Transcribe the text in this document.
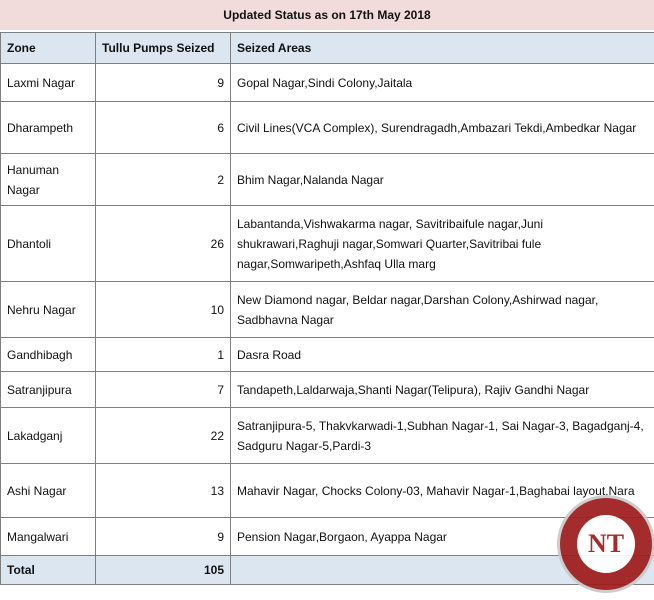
Updated Status as on 17th May 2018
Zone	Tullu Pumps Seized	Seized Areas
Laxmi Nagar	9	Gopal Nagar,Sindi Colony,Jaitala
Dharampeth	6	Civil Lines(VCA Complex), Surendragadh,Ambazari Tekdi,Ambedkar Nagar
Hanuman Nagar	2	Bhim Nagar,Nalanda Nagar
Dhantoli	26	Labantanda,Vishwakarma nagar, Savitribaifule nagar,Juni shukrawari,Raghuji nagar,Somwari Quarter,Savitribai fule nagar,Somwaripeth,Ashfaq Ulla marg
Nehru Nagar	10	New Diamond nagar, Beldar nagar,Darshan Colony,Ashirwad nagar, Sadbhavna Nagar
Gandhibagh	1	Dasra Road
Satranjipura	7	Tandapeth,Laldarwaja,Shanti Nagar(Telipura), Rajiv Gandhi Nagar
Lakadganj	22	Satranjipura-5, Thakvkarwadi-1,Subhan Nagar-1, Sai Nagar-3, Bagadganj-4, Sadguru Nagar-5,Pardi-3
Ashi Nagar	13	Mahavir Nagar, Chocks Colony-03, Mahavir Nagar-1,Baghabai layout,Nara
Mangalwari	9	Pension Nagar,Borgaon, Ayappa Nagar
Total	105	
NT
